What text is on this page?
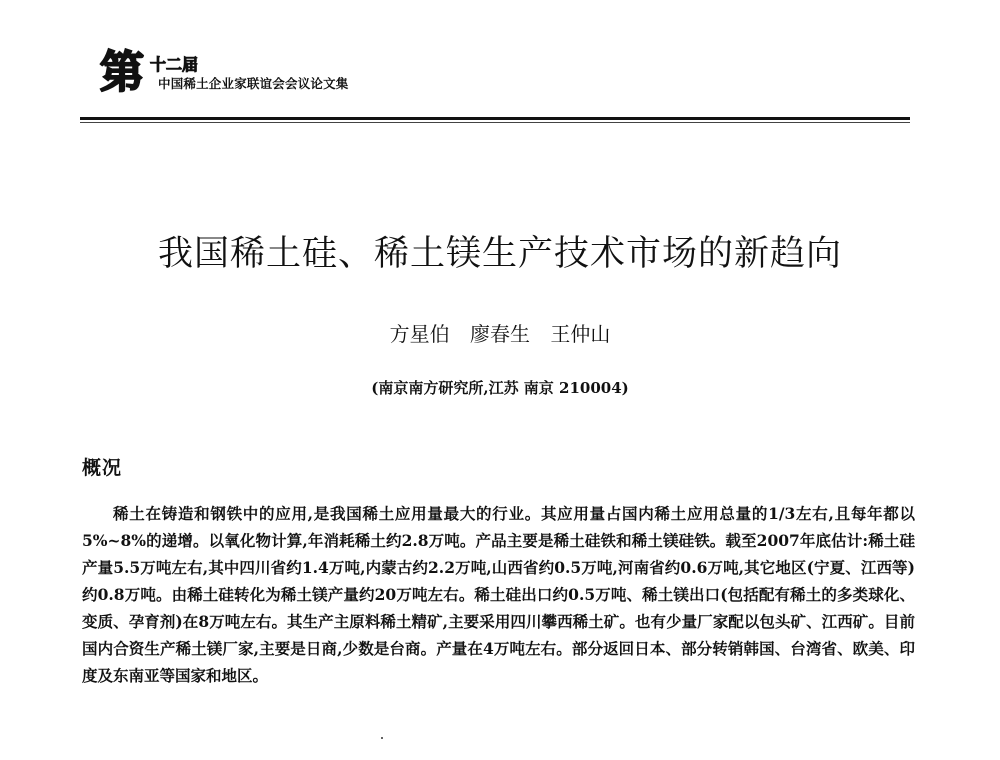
第 十二届
中国稀土企业家联谊会会议论文集
我国稀土硅、稀土镁生产技术市场的新趋向
方星伯 廖春生 王仲山
(南京南方研究所,江苏 南京 210004)
概况

稀土在铸造和钢铁中的应用,是我国稀土应用量最大的行业。其应用量占国内稀土应用总量的1/3左右,且每年都以5%~8%的递增。以氧化物计算,年消耗稀土约2.8万吨。产品主要是稀土硅铁和稀土镁硅铁。载至2007年底估计:稀土硅产量5.5万吨左右,其中四川省约1.4万吨,内蒙古约2.2万吨,山西省约0.5万吨,河南省约0.6万吨,其它地区(宁夏、江西等)约0.8万吨。由稀土硅转化为稀土镁产量约20万吨左右。稀土硅出口约0.5万吨、稀土镁出口(包括配有稀土的多类球化、变质、孕育剂)在8万吨左右。其生产主原料稀土精矿,主要采用四川攀西稀土矿。也有少量厂家配以包头矿、江西矿。目前国内合资生产稀土镁厂家,主要是日商,少数是台商。产量在4万吨左右。部分返回日本、部分转销韩国、台湾省、欧美、印度及东南亚等国家和地区。
